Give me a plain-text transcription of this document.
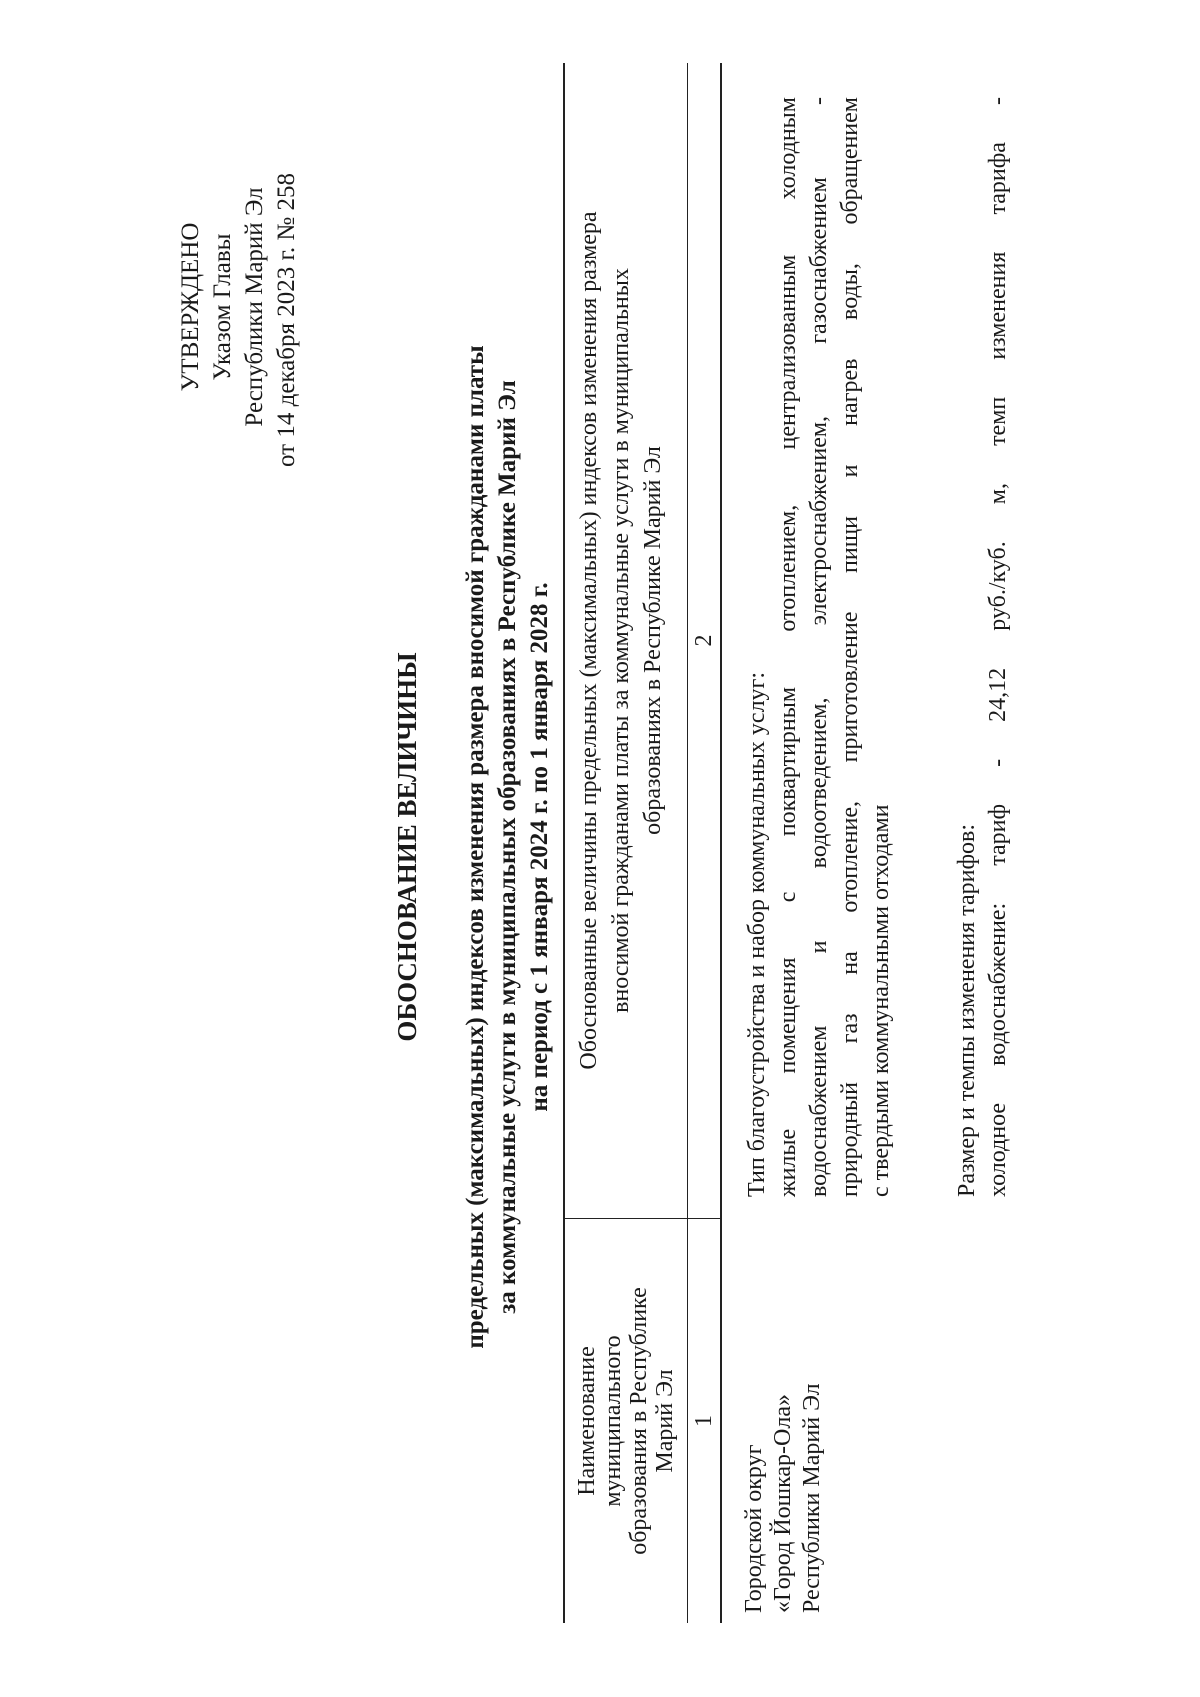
УТВЕРЖДЕНО Указом Главы Республики Марий Эл от 14 декабря 2023 г. № 258
ОБОСНОВАНИЕ ВЕЛИЧИНЫ предельных (максимальных) индексов изменения размера вносимой гражданами платы за коммунальные услуги в муниципальных образованиях в Республике Марий Эл на период с 1 января 2024 г. по 1 января 2028 г.
Наименование муниципального образования в Республике Марий Эл
Обоснованные величины предельных (максимальных) индексов изменения размера вносимой гражданами платы за коммунальные услуги в муниципальных образованиях в Республике Марий Эл
1
2
Городской округ «Город Йошкар-Ола» Республики Марий Эл

Тип благоустройства и набор коммунальных услуг: жилые помещения с поквартирным отоплением, централизованным холодным водоснабжением и водоотведением, электроснабжением, газоснабжением - природный газ на отопление, приготовление пищи и нагрев воды, обращением с твердыми коммунальными отходами	Размер и темпы изменения тарифов: холодное водоснабжение: тариф - 24,12 руб./куб. м, темп изменения тарифа -
